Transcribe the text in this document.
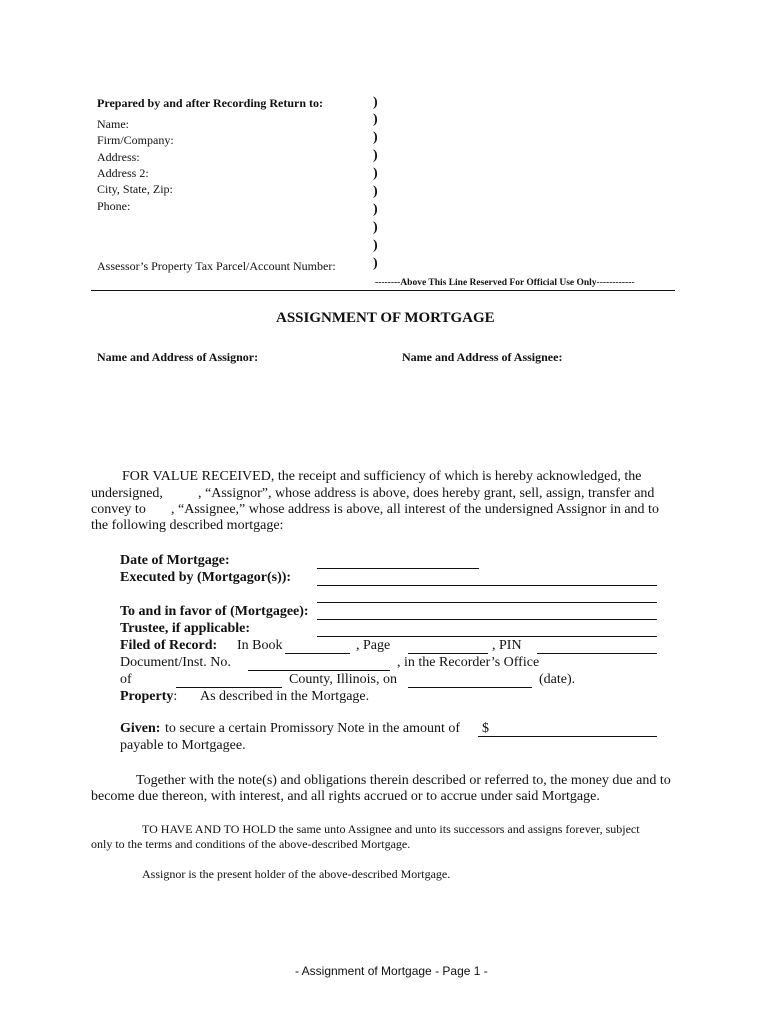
Prepared by and after Recording Return to:
Name:
Firm/Company:
Address:
Address 2:
City, State, Zip:
Phone:
Assessor’s Property Tax Parcel/Account Number:
)
)
)
)
)
)
)
)
)
)
--------Above This Line Reserved For Official Use Only------------
ASSIGNMENT OF MORTGAGE
Name and Address of Assignor:	Name and Address of Assignee:
FOR VALUE RECEIVED, the receipt and sufficiency of which is hereby acknowledged, the
undersigned,	, “Assignor”, whose address is above, does hereby grant, sell, assign, transfer and
convey to , “Assignee,” whose address is above, all interest of the undersigned Assignor in and to
the following described mortgage:
Date of Mortgage:
Executed by (Mortgagor(s)):
To and in favor of (Mortgagee):
Trustee, if applicable:
Filed of Record: In Book	, Page	, PIN
Document/Inst. No.	, in the Recorder’s Office
of	County, Illinois, on	(date).
Property: As described in the Mortgage.
Given: to secure a certain Promissory Note in the amount of $
payable to Mortgagee.
Together with the note(s) and obligations therein described or referred to, the money due and to
become due thereon, with interest, and all rights accrued or to accrue under said Mortgage.
TO HAVE AND TO HOLD the same unto Assignee and unto its successors and assigns forever, subject
only to the terms and conditions of the above-described Mortgage.
Assignor is the present holder of the above-described Mortgage.
- Assignment of Mortgage - Page 1 -
